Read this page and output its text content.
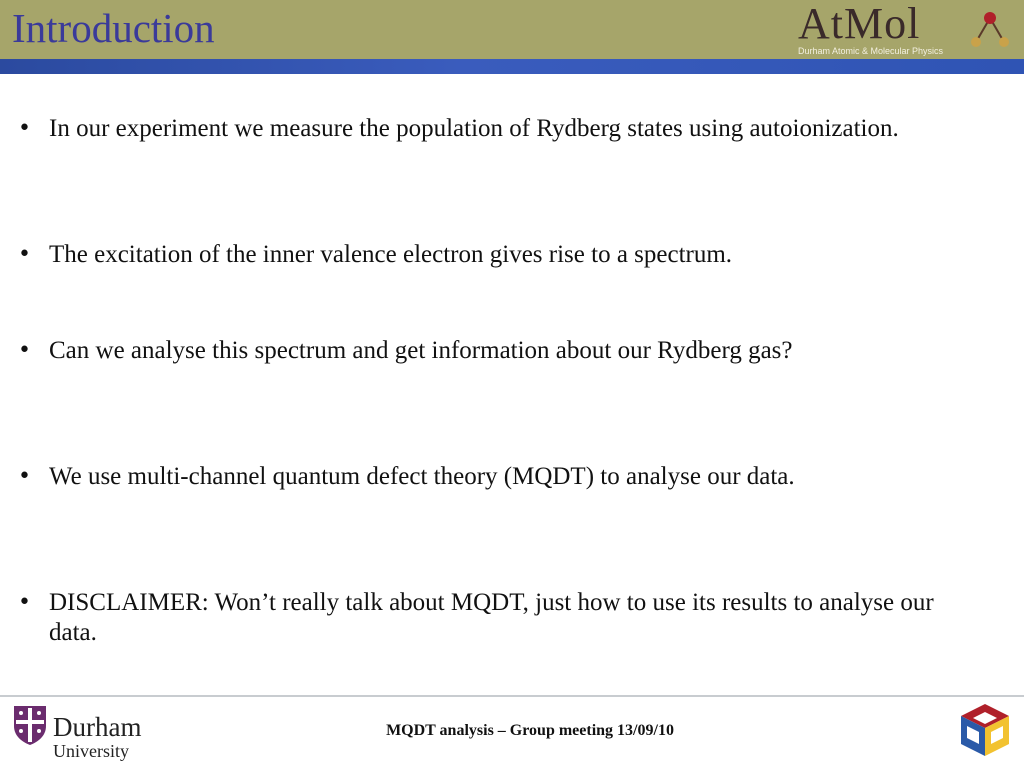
Introduction	AtMol
Durham Atomic & Molecular Physics
• In our experiment we measure the population of Rydberg states using autoionization.
• The excitation of the inner valence electron gives rise to a spectrum.
• Can we analyse this spectrum and get information about our Rydberg gas?
• We use multi-channel quantum defect theory (MQDT) to analyse our data.
• DISCLAIMER: Won’t really talk about MQDT, just how to use its results to analyse our data.
Durham
University
MQDT analysis – Group meeting 13/09/10
